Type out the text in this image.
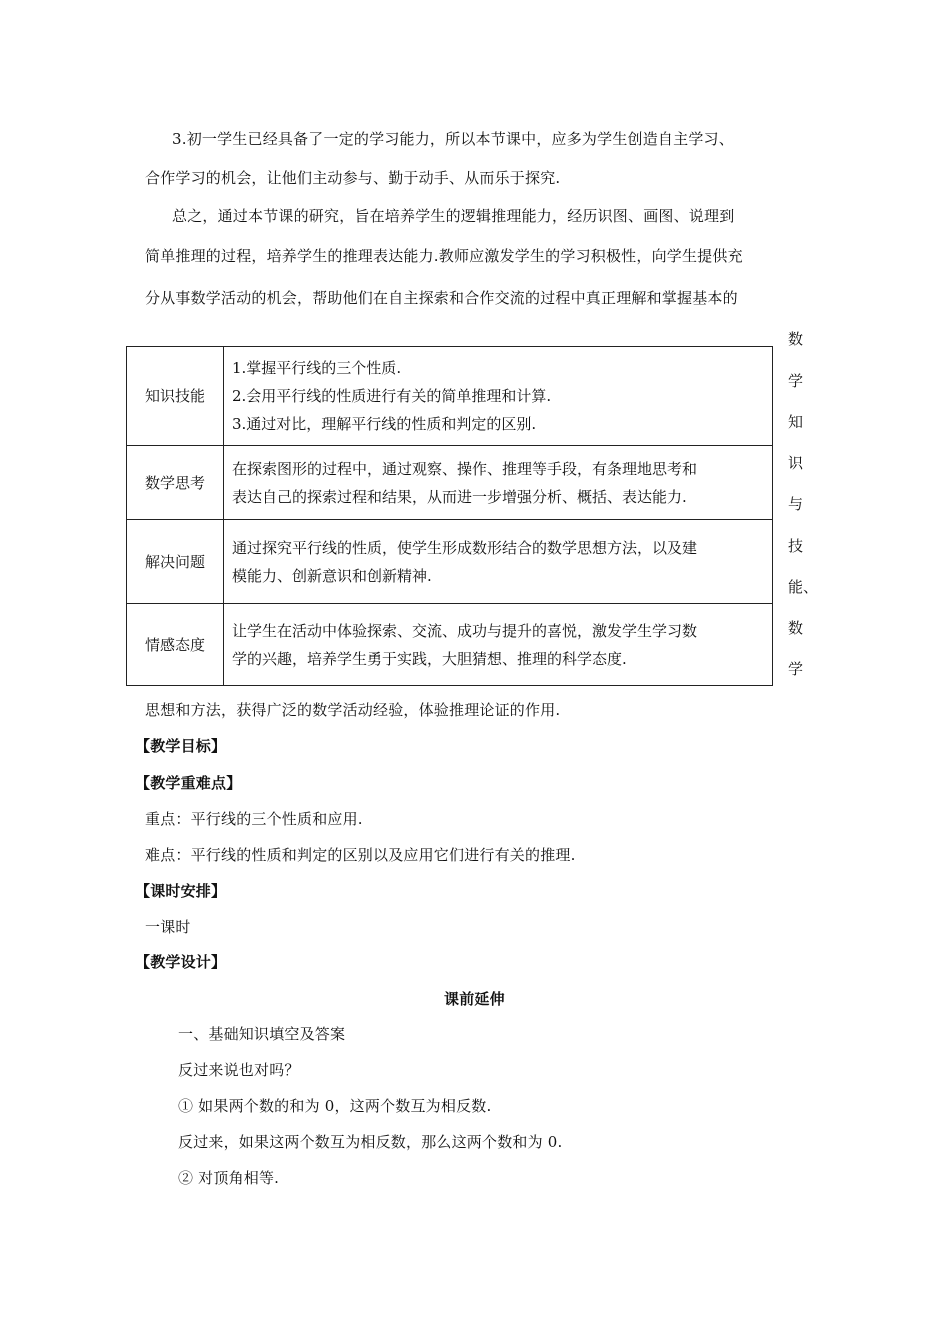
3.初一学生已经具备了一定的学习能力，所以本节课中，应多为学生创造自主学习、
合作学习的机会，让他们主动参与、勤于动手、从而乐于探究.
总之，通过本节课的研究，旨在培养学生的逻辑推理能力，经历识图、画图、说理到
简单推理的过程，培养学生的推理表达能力.教师应激发学生的学习积极性，向学生提供充
分从事数学活动的机会，帮助他们在自主探索和合作交流的过程中真正理解和掌握基本的
数
学
知
识
与
技
能、
数
学
知识技能	1.掌握平行线的三个性质.
2.会用平行线的性质进行有关的简单推理和计算.
3.通过对比，理解平行线的性质和判定的区别.

数学思考	在探索图形的过程中，通过观察、操作、推理等手段，有条理地思考和
表达自己的探索过程和结果，从而进一步增强分析、概括、表达能力.

解决问题	通过探究平行线的性质，使学生形成数形结合的数学思想方法，以及建
模能力、创新意识和创新精神.

情感态度	让学生在活动中体验探索、交流、成功与提升的喜悦，激发学生学习数
学的兴趣，培养学生勇于实践，大胆猜想、推理的科学态度.
思想和方法，获得广泛的数学活动经验，体验推理论证的作用.
【教学目标】
【教学重难点】
重点：平行线的三个性质和应用.
难点：平行线的性质和判定的区别以及应用它们进行有关的推理.
【课时安排】
一课时
【教学设计】
课前延伸
一、基础知识填空及答案
反过来说也对吗？
① 如果两个数的和为 0，这两个数互为相反数.
反过来，如果这两个数互为相反数，那么这两个数和为 0.
② 对顶角相等.
